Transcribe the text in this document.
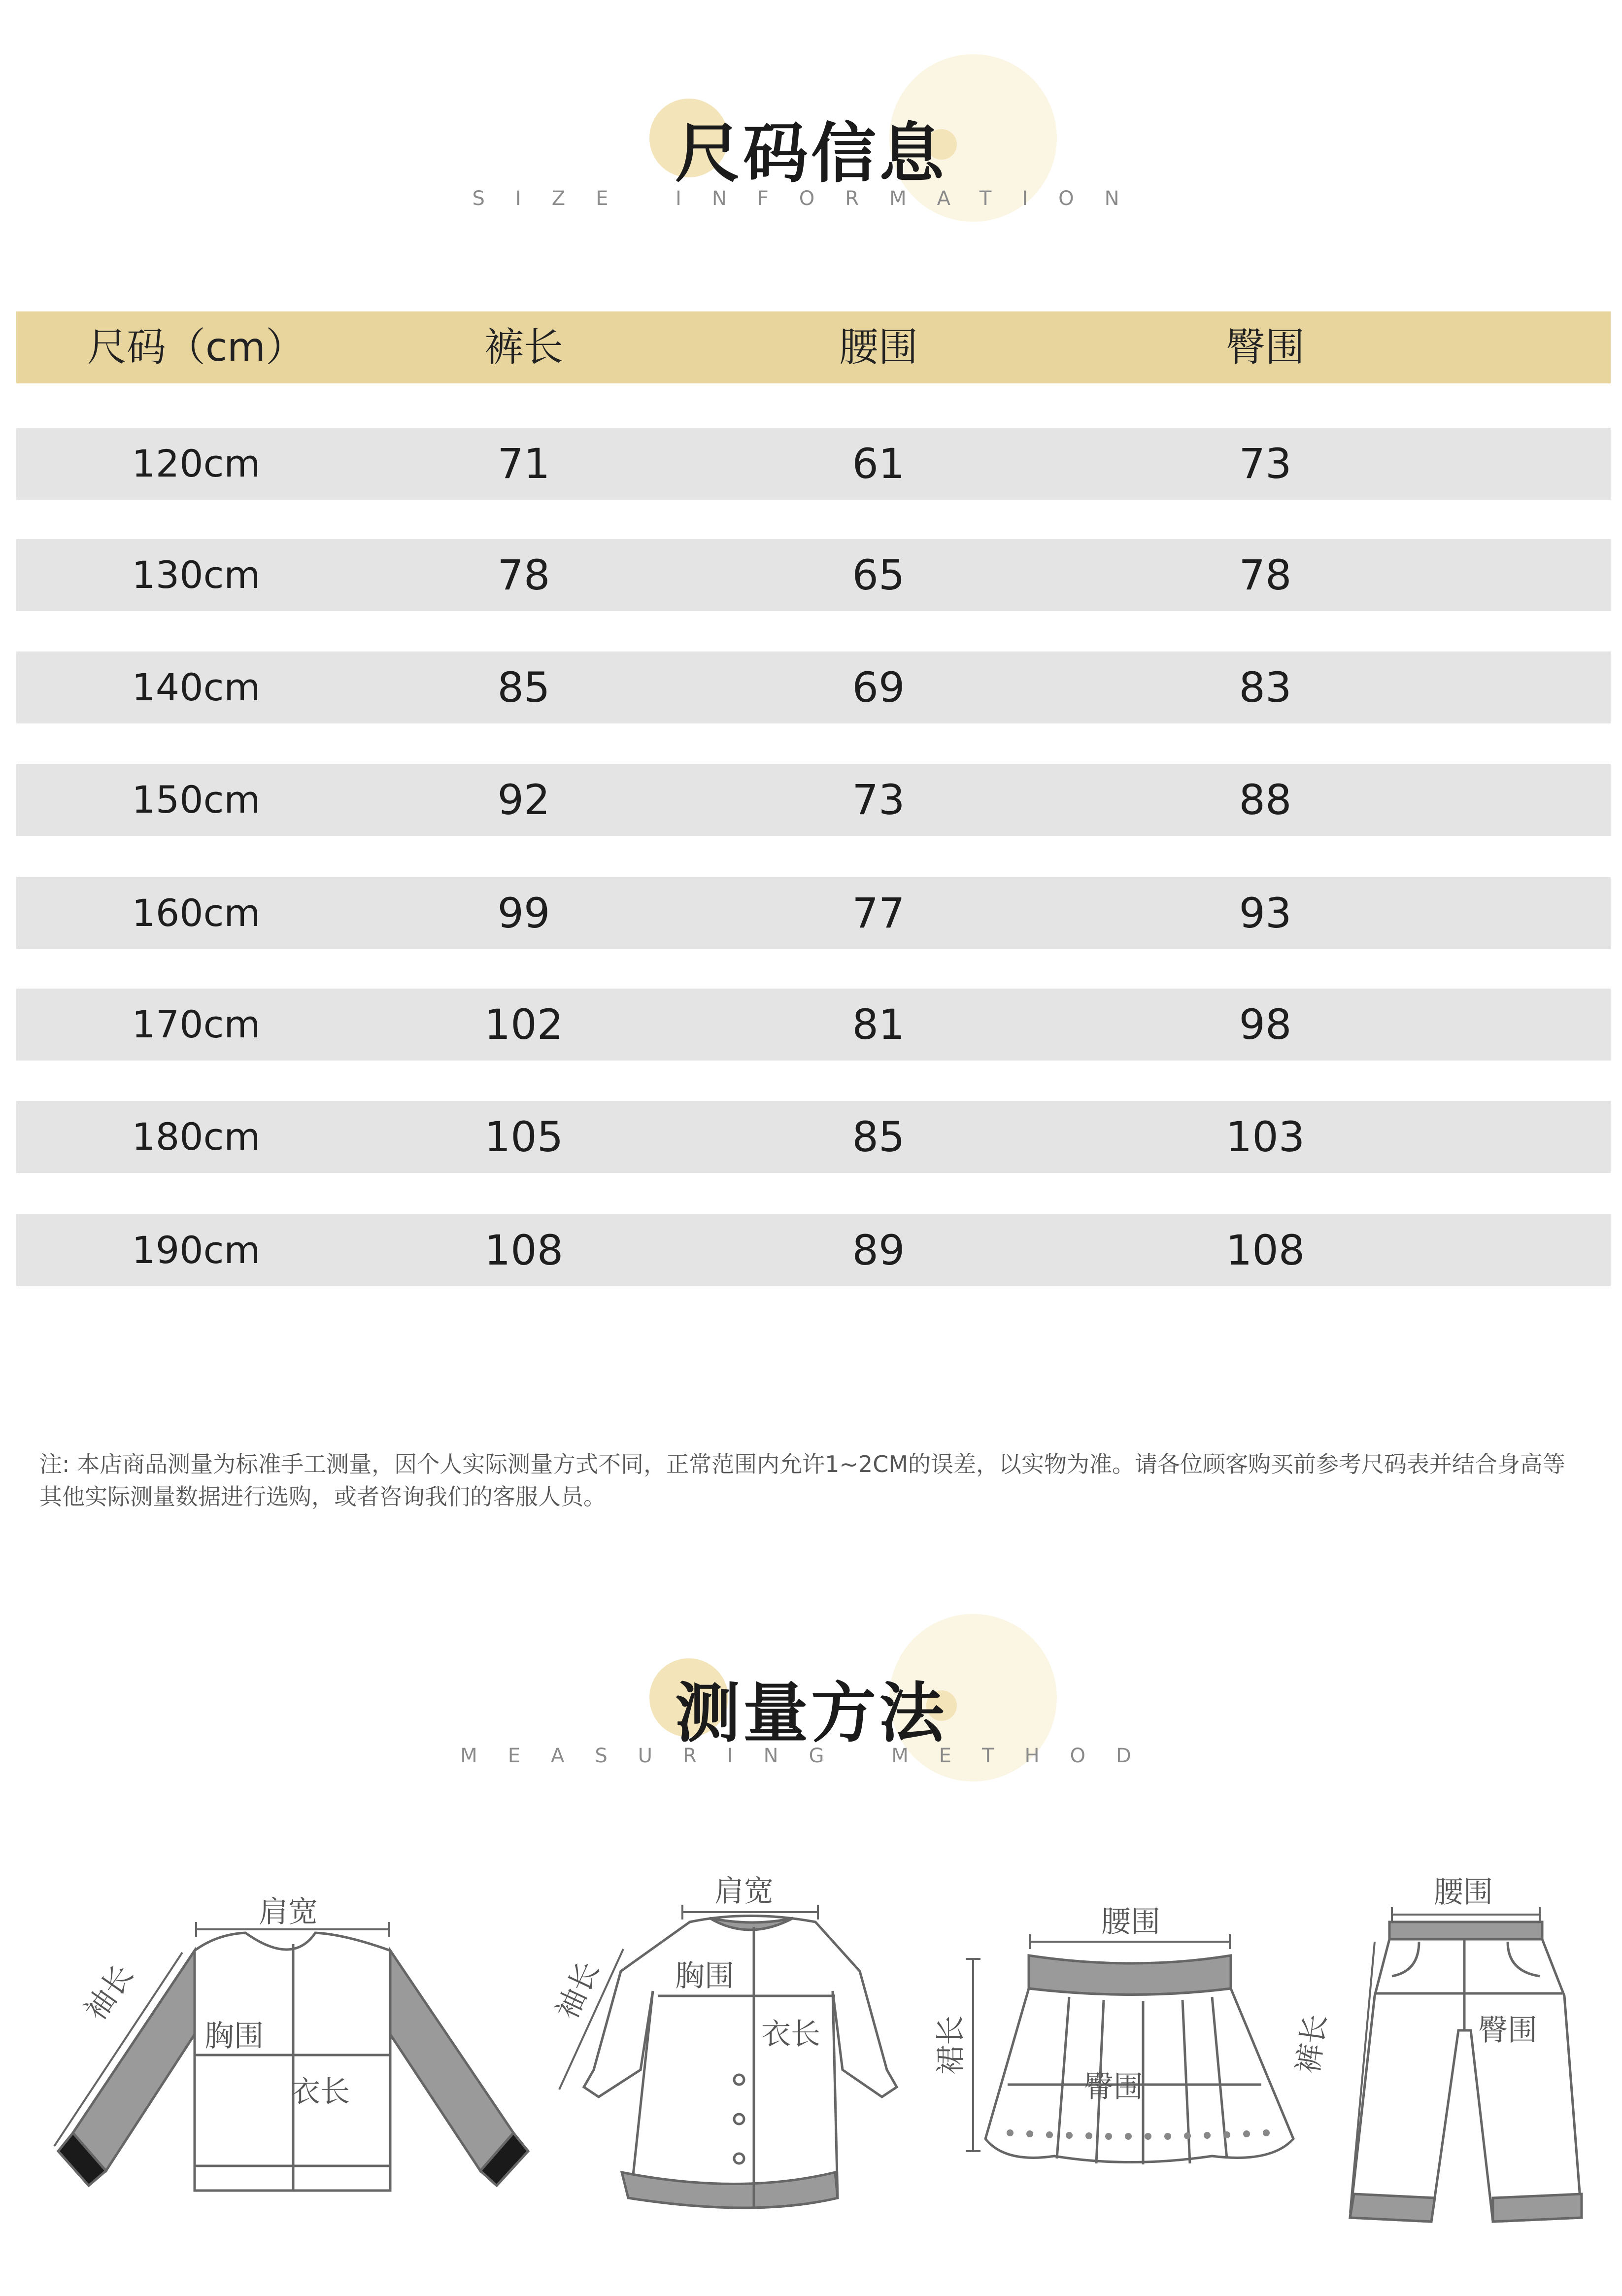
尺码信息
SIZE INFORMATION
尺码（cm）	裤长	腰围	臀围
120cm	71	61	73
130cm	78	65	78
140cm	85	69	83
150cm	92	73	88
160cm	99	77	93
170cm	102	81	98
180cm	105	85	103
190cm	108	89	108
注: 本店商品测量为标准手工测量，因个人实际测量方式不同，正常范围内允许1~2CM的误差，以实物为准。请各位顾客购买前参考尺码表并结合身高等其他实际测量数据进行选购，或者咨询我们的客服人员。
测量方法
MEASURING METHOD
肩宽
袖长
胸围
衣长
肩宽
袖长 胸围
衣长
腰围
裙长
臀围
腰围
裤长	臀围
